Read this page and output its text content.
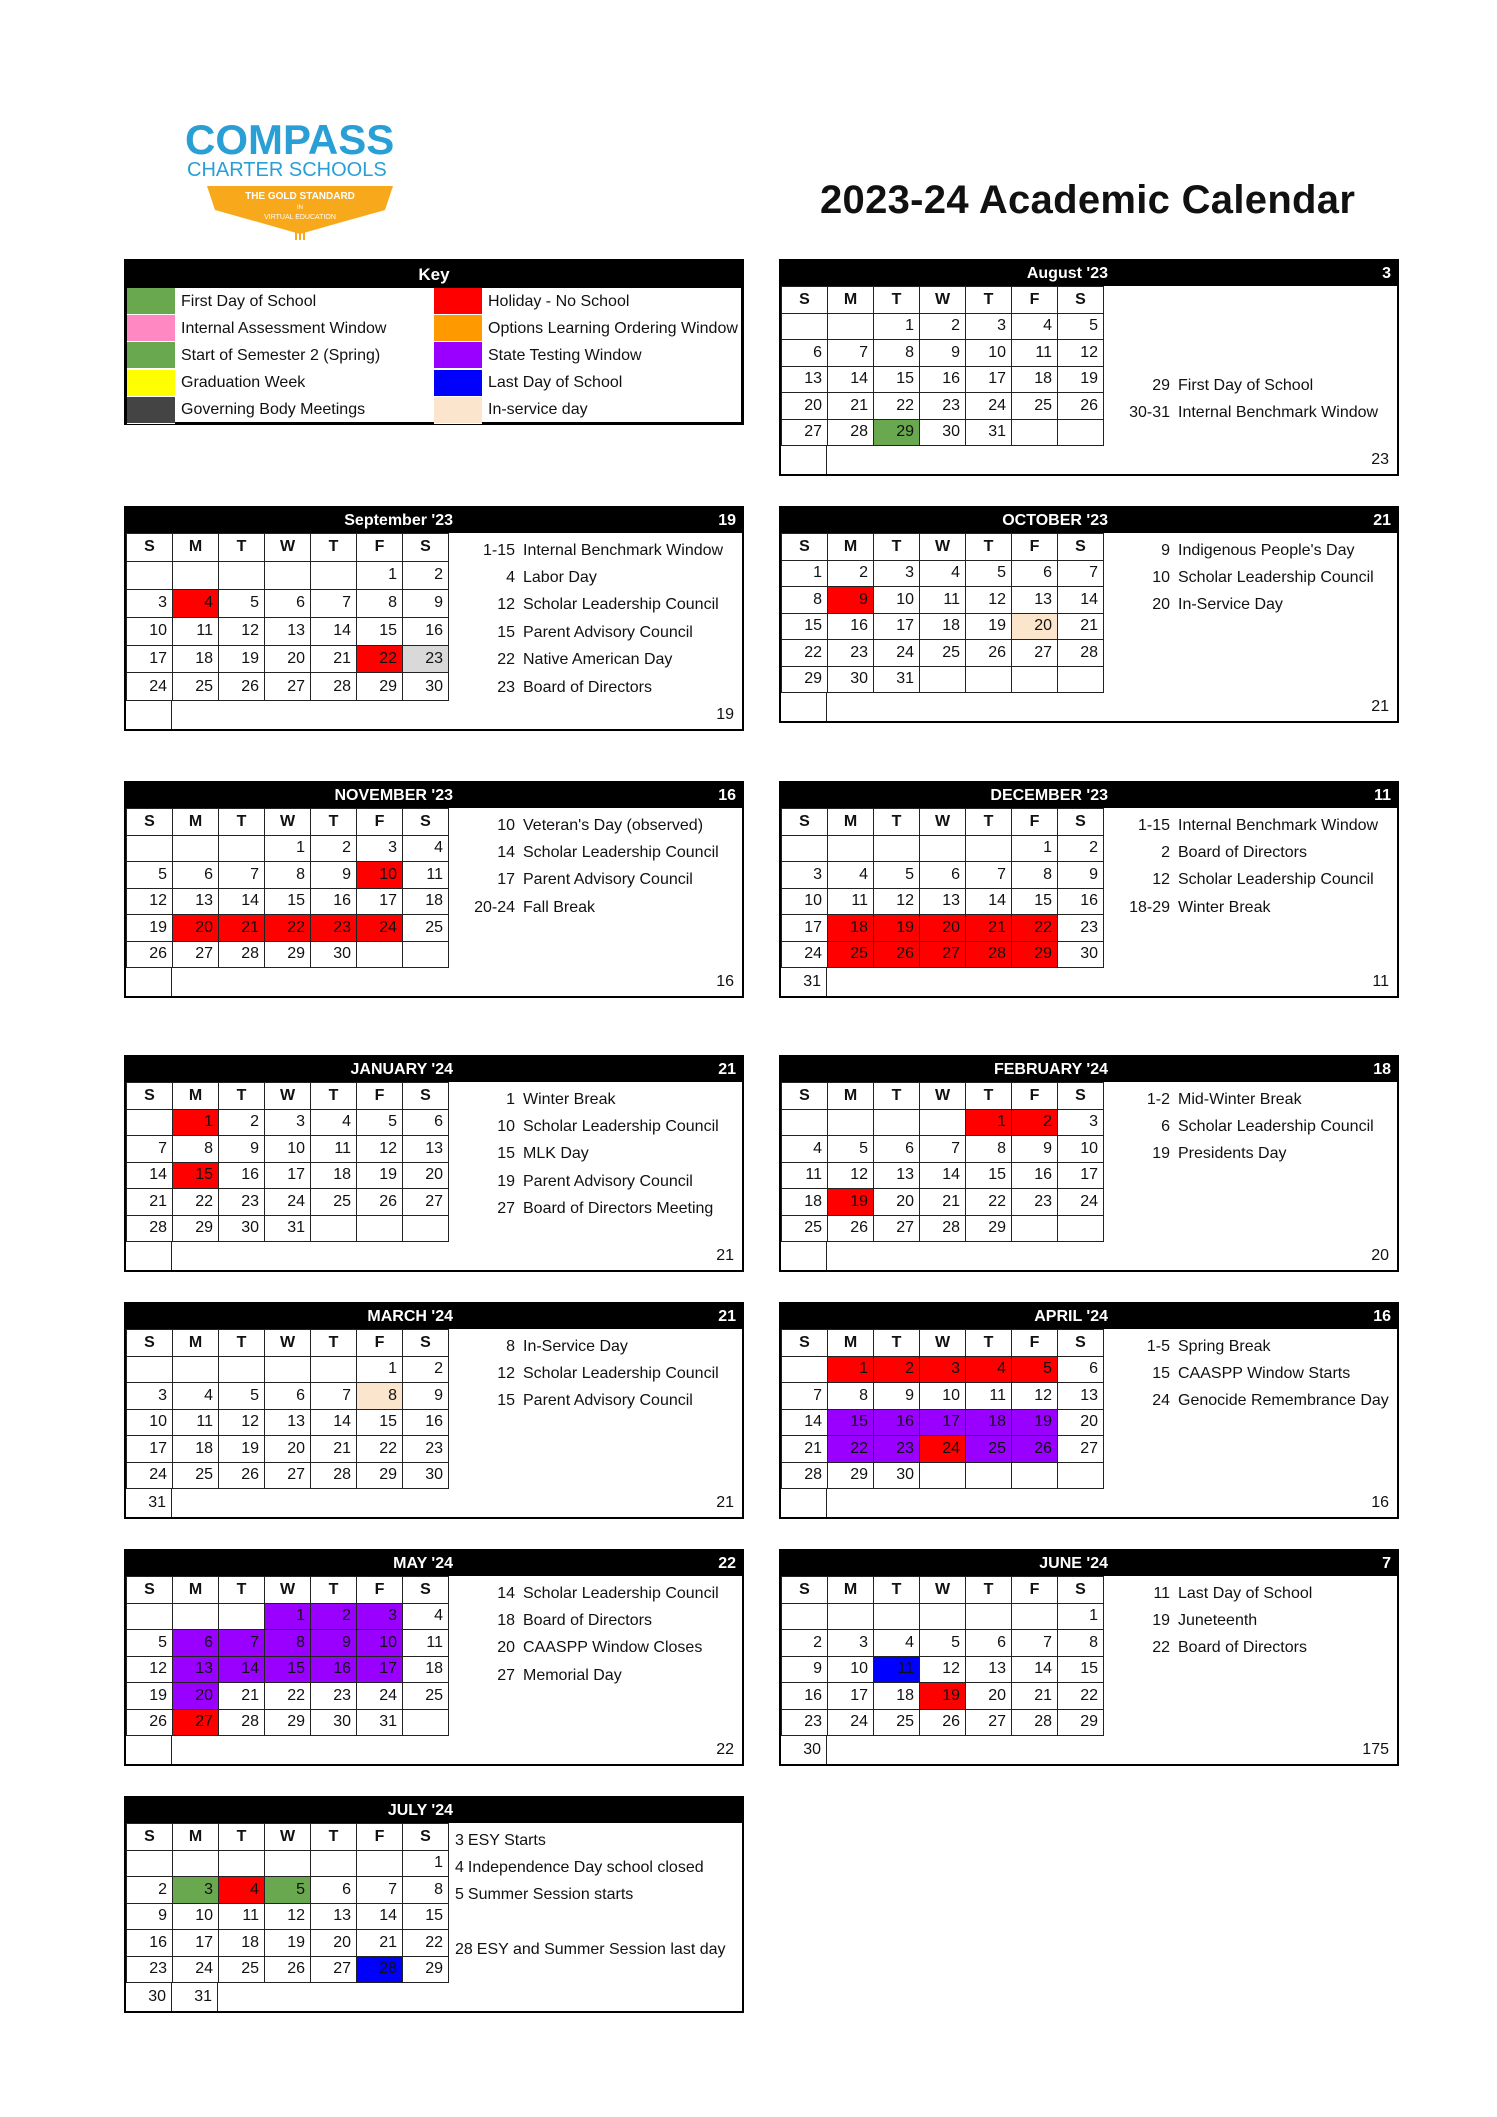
COMPASS
CHARTER SCHOOLS
THE GOLD STANDARD
IN
VIRTUAL EDUCATION	2023-24 Academic Calendar
Key
First Day of School
Internal Assessment Window
Start of Semester 2 (Spring)
Graduation Week
Governing Body Meetings
Holiday - No School
Options Learning Ordering Window
State Testing Window
Last Day of School
In-service day
August '23	3
S	M	T	W	T	F	S
		1	2	3	4	5
6	7	8	9	10	11	12
13	14	15	16	17	18	19
20	21	22	23	24	25	26
27	28	29	30	31		
29 First Day of School
30-31 Internal Benchmark Window
23
September '23	19
S	M	T	W	T	F	S
					1	2
3	4	5	6	7	8	9
10	11	12	13	14	15	16
17	18	19	20	21	22	23
24	25	26	27	28	29	30
1-15 Internal Benchmark Window
4 Labor Day
12 Scholar Leadership Council
15 Parent Advisory Council
22 Native American Day
23 Board of Directors
19
OCTOBER '23	21
S	M	T	W	T	F	S
1	2	3	4	5	6	7
8	9	10	11	12	13	14
15	16	17	18	19	20	21
22	23	24	25	26	27	28
29	30	31				
9 Indigenous People's Day
10 Scholar Leadership Council
20 In-Service Day
21
NOVEMBER '23	16
S	M	T	W	T	F	S
			1	2	3	4
5	6	7	8	9	10	11
12	13	14	15	16	17	18
19	20	21	22	23	24	25
26	27	28	29	30		
10 Veteran's Day (observed)
14 Scholar Leadership Council
17 Parent Advisory Council
20-24 Fall Break
16
DECEMBER '23	11
S	M	T	W	T	F	S
					1	2
3	4	5	6	7	8	9
10	11	12	13	14	15	16
17	18	19	20	21	22	23
24	25	26	27	28	29	30
1-15 Internal Benchmark Window
2 Board of Directors
12 Scholar Leadership Council
18-29 Winter Break
31	11
JANUARY '24	21
S	M	T	W	T	F	S
	1	2	3	4	5	6
7	8	9	10	11	12	13
14	15	16	17	18	19	20
21	22	23	24	25	26	27
28	29	30	31			
1 Winter Break
10 Scholar Leadership Council
15 MLK Day
19 Parent Advisory Council
27 Board of Directors Meeting
21
FEBRUARY '24	18
S	M	T	W	T	F	S
				1	2	3
4	5	6	7	8	9	10
11	12	13	14	15	16	17
18	19	20	21	22	23	24
25	26	27	28	29		
1-2 Mid-Winter Break
6 Scholar Leadership Council
19 Presidents Day
20
MARCH '24	21
S	M	T	W	T	F	S
					1	2
3	4	5	6	7	8	9
10	11	12	13	14	15	16
17	18	19	20	21	22	23
24	25	26	27	28	29	30
8 In-Service Day
12 Scholar Leadership Council
15 Parent Advisory Council
31	21
APRIL '24	16
S	M	T	W	T	F	S
	1	2	3	4	5	6
7	8	9	10	11	12	13
14	15	16	17	18	19	20
21	22	23	24	25	26	27
28	29	30				
1-5 Spring Break
15 CAASPP Window Starts
24 Genocide Remembrance Day
16
MAY '24	22
S	M	T	W	T	F	S
			1	2	3	4
5	6	7	8	9	10	11
12	13	14	15	16	17	18
19	20	21	22	23	24	25
26	27	28	29	30	31	
14 Scholar Leadership Council
18 Board of Directors
20 CAASPP Window Closes
27 Memorial Day
22
JUNE '24	7
S	M	T	W	T	F	S
						1
2	3	4	5	6	7	8
9	10	11	12	13	14	15
16	17	18	19	20	21	22
23	24	25	26	27	28	29
11 Last Day of School
19 Juneteenth
22 Board of Directors
30	175
JULY '24
S	M	T	W	T	F	S
						1
2	3	4	5	6	7	8
9	10	11	12	13	14	15
16	17	18	19	20	21	22
23	24	25	26	27	28	29
3 ESY Starts
4 Independence Day school closed
5 Summer Session starts
28 ESY and Summer Session last day
30	31
